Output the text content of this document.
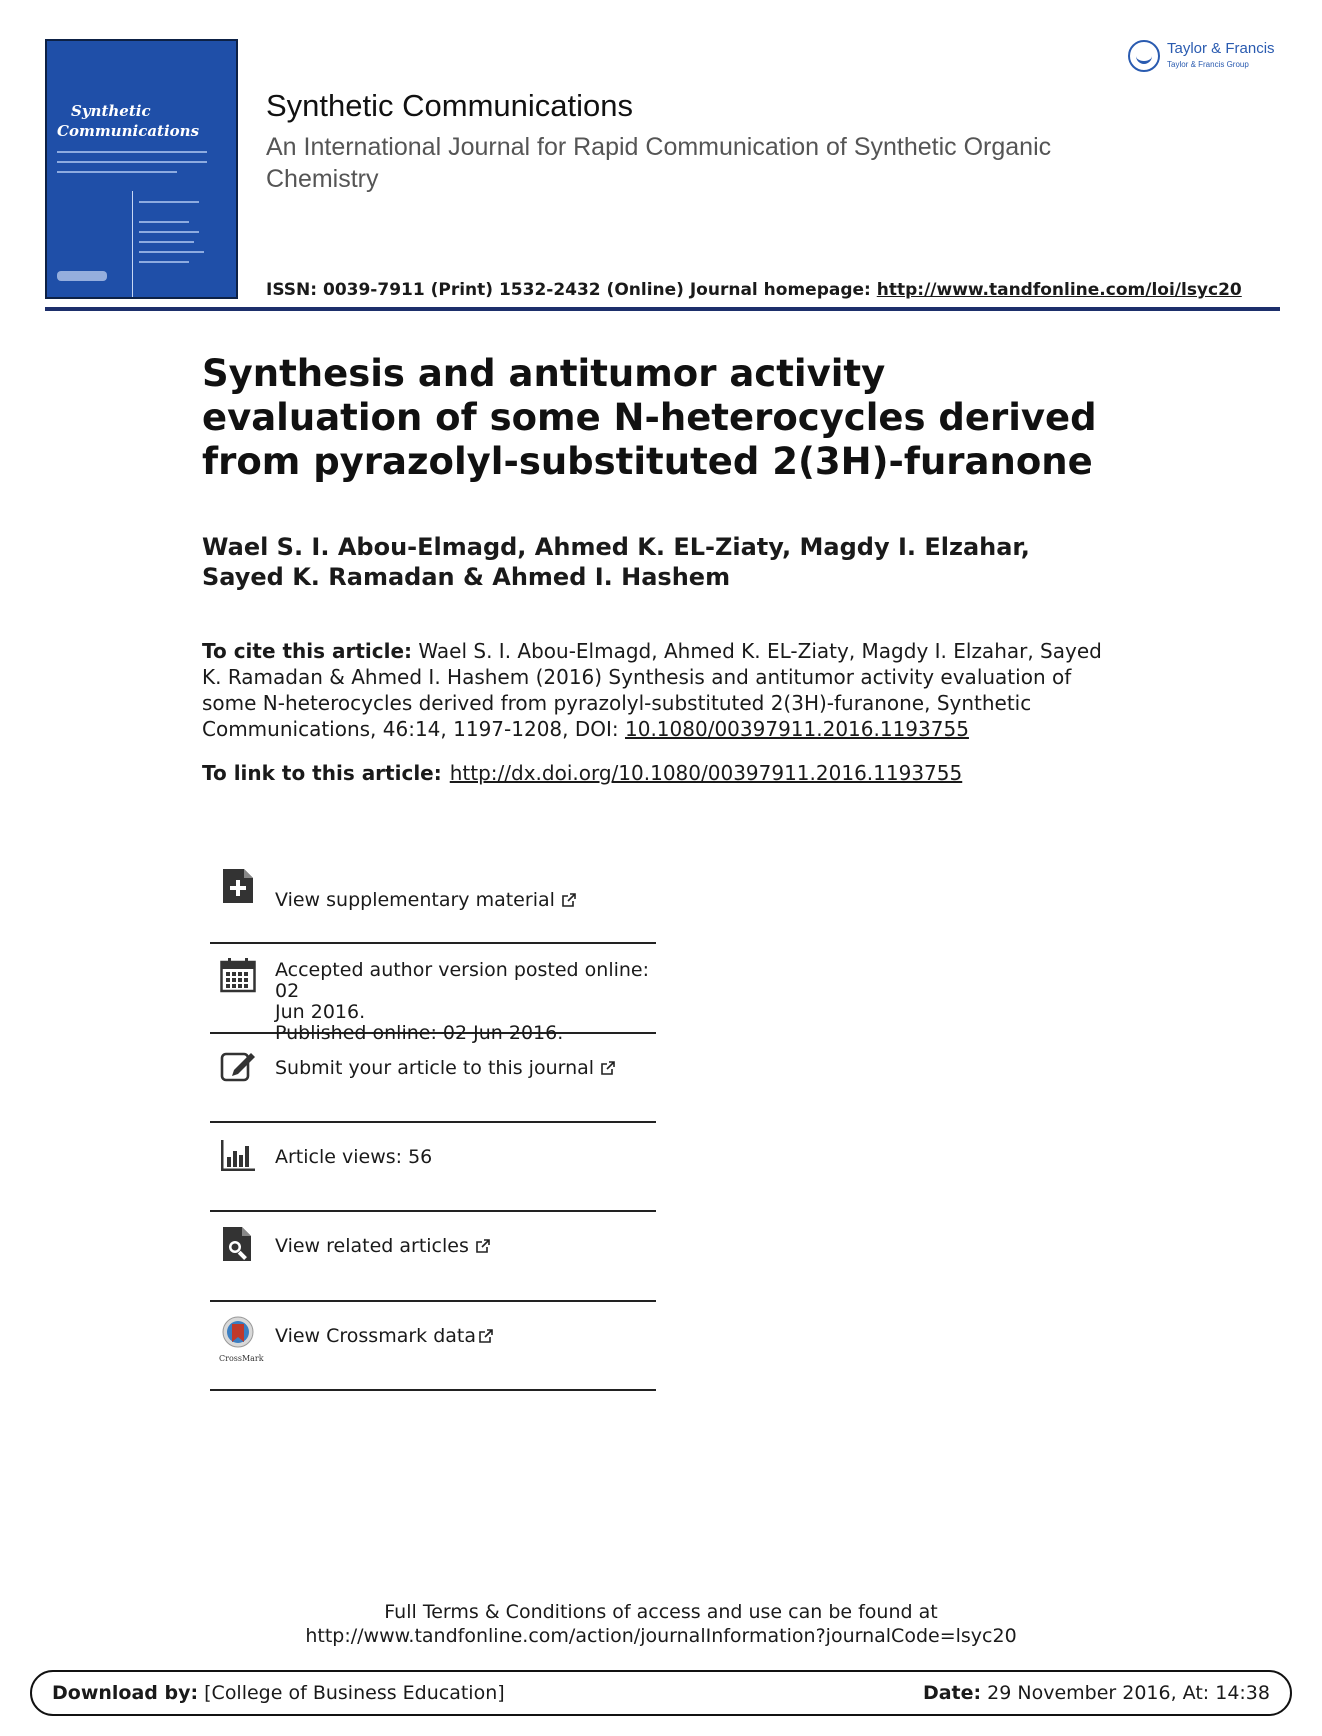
Synthetic
Communications
Synthetic Communications
An International Journal for Rapid Communication of Synthetic Organic Chemistry
ISSN: 0039-7911 (Print) 1532-2432 (Online) Journal homepage: http://www.tandfonline.com/loi/lsyc20
Taylor & Francis
Taylor & Francis Group
Synthesis and antitumor activity evaluation of some N-heterocycles derived from pyrazolyl-substituted 2(3H)-furanone
Wael S. I. Abou-Elmagd, Ahmed K. EL-Ziaty, Magdy I. Elzahar, Sayed K. Ramadan & Ahmed I. Hashem
To cite this article: Wael S. I. Abou-Elmagd, Ahmed K. EL-Ziaty, Magdy I. Elzahar, Sayed K. Ramadan & Ahmed I. Hashem (2016) Synthesis and antitumor activity evaluation of some N-heterocycles derived from pyrazolyl-substituted 2(3H)-furanone, Synthetic Communications, 46:14, 1197-1208, DOI: 10.1080/00397911.2016.1193755
To link to this article: http://dx.doi.org/10.1080/00397911.2016.1193755
View supplementary material
Accepted author version posted online: 02
Jun 2016.
Published online: 02 Jun 2016.
Submit your article to this journal
Article views: 56
View related articles
CrossMark
View Crossmark data
Full Terms & Conditions of access and use can be found at
http://www.tandfonline.com/action/journalInformation?journalCode=lsyc20
Download by: [College of Business Education]	Date: 29 November 2016, At: 14:38
